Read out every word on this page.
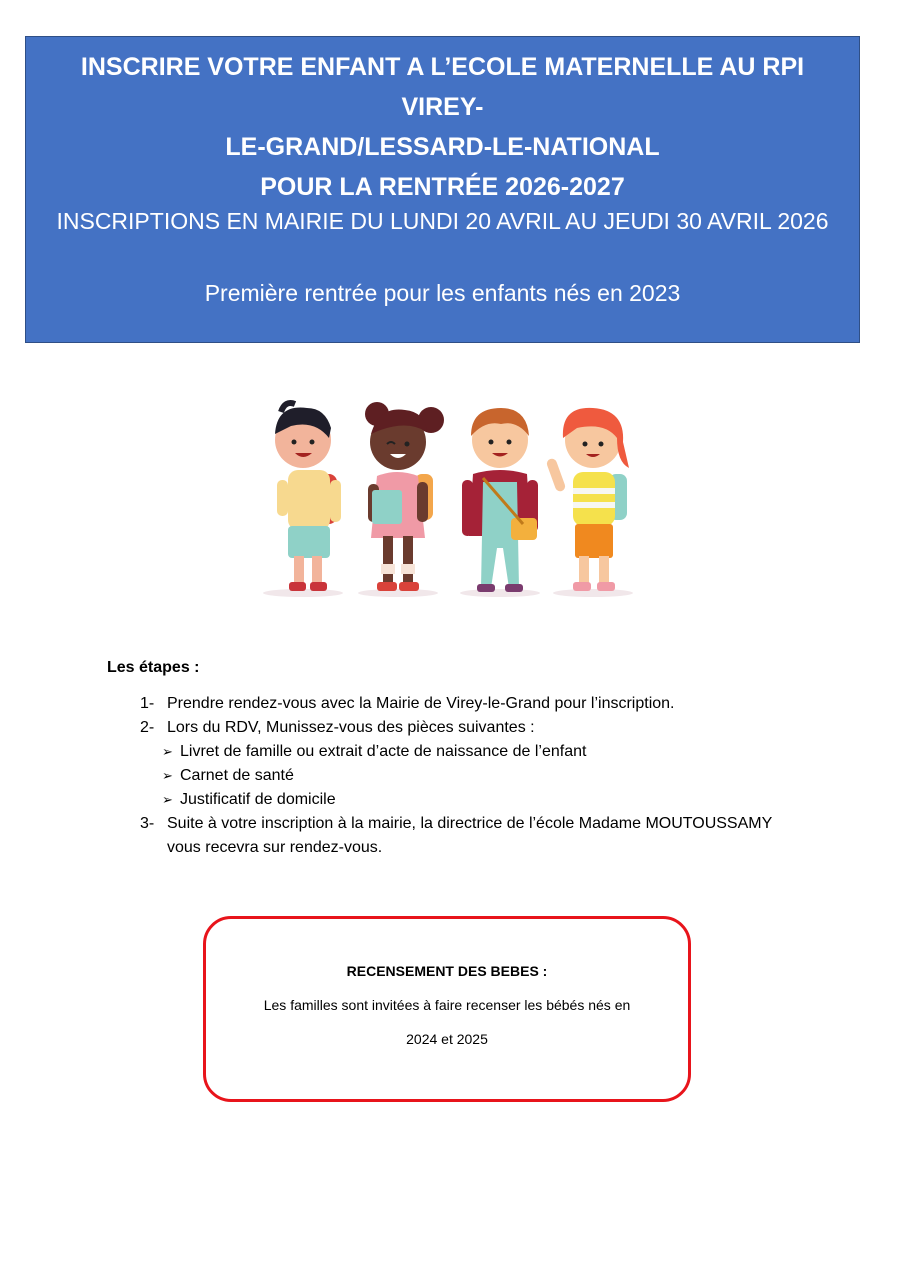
INSCRIRE VOTRE ENFANT A L’ECOLE MATERNELLE AU RPI VIREY-
LE-GRAND/LESSARD-LE-NATIONAL
POUR LA RENTRÉE 2026-2027
INSCRIPTIONS EN MAIRIE DU LUNDI 20 AVRIL AU JEUDI 30 AVRIL 2026
Première rentrée pour les enfants nés en 2023
Les étapes :
1- Prendre rendez-vous avec la Mairie de Virey-le-Grand pour l’inscription.
2- Lors du RDV, Munissez-vous des pièces suivantes :
➢ Livret de famille ou extrait d’acte de naissance de l’enfant
➢ Carnet de santé
➢ Justificatif de domicile
3- Suite à votre inscription à la mairie, la directrice de l’école Madame MOUTOUSSAMY
vous recevra sur rendez-vous.
RECENSEMENT DES BEBES :
Les familles sont invitées à faire recenser les bébés nés en
2024 et 2025
